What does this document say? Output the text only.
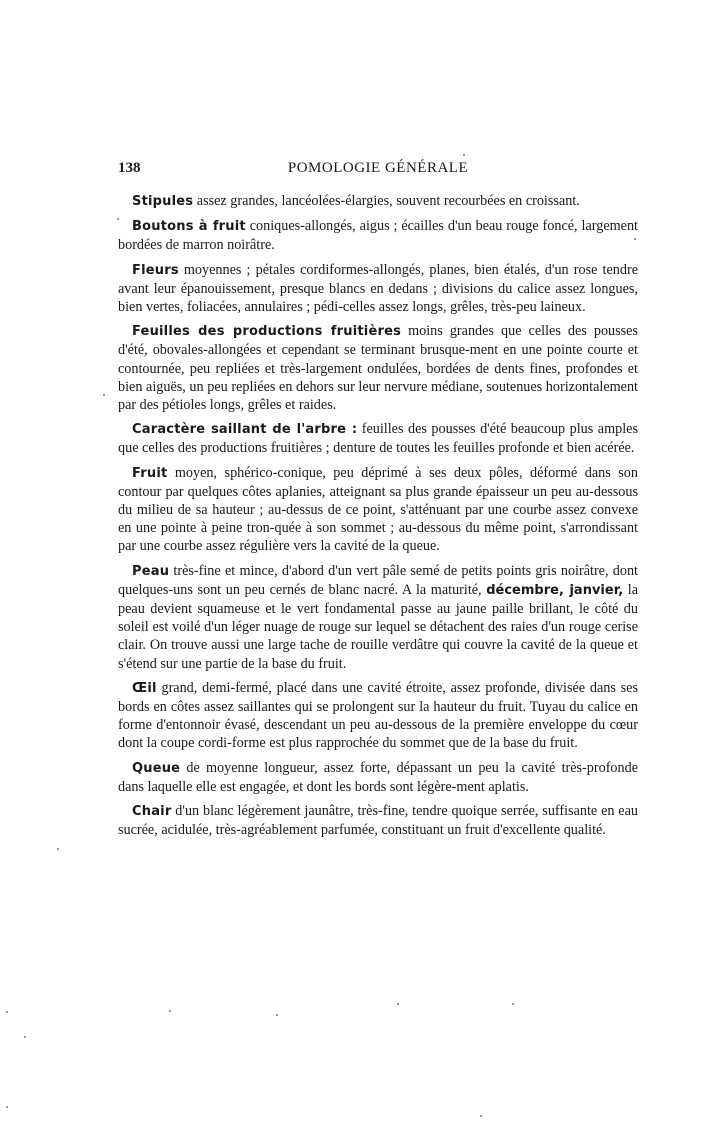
138	POMOLOGIE GÉNÉRALE

Stipules assez grandes, lancéolées-élargies, souvent recourbées en croissant.

Boutons à fruit coniques-allongés, aigus ; écailles d'un beau rouge foncé, largement bordées de marron noirâtre.

Fleurs moyennes ; pétales cordiformes-allongés, planes, bien étalés, d'un rose tendre avant leur épanouissement, presque blancs en dedans ; divisions du calice assez longues, bien vertes, foliacées, annulaires ; pédi-celles assez longs, grêles, très-peu laineux.

Feuilles des productions fruitières moins grandes que celles des pousses d'été, obovales-allongées et cependant se terminant brusque-ment en une pointe courte et contournée, peu repliées et très-largement ondulées, bordées de dents fines, profondes et bien aiguës, un peu repliées en dehors sur leur nervure médiane, soutenues horizontalement par des pétioles longs, grêles et raides.

Caractère saillant de l'arbre : feuilles des pousses d'été beaucoup plus amples que celles des productions fruitières ; denture de toutes les feuilles profonde et bien acérée.

Fruit moyen, sphérico-conique, peu déprimé à ses deux pôles, déformé dans son contour par quelques côtes aplanies, atteignant sa plus grande épaisseur un peu au-dessous du milieu de sa hauteur ; au-dessus de ce point, s'atténuant par une courbe assez convexe en une pointe à peine tron-quée à son sommet ; au-dessous du même point, s'arrondissant par une courbe assez régulière vers la cavité de la queue.

Peau très-fine et mince, d'abord d'un vert pâle semé de petits points gris noirâtre, dont quelques-uns sont un peu cernés de blanc nacré. A la maturité, décembre, janvier, la peau devient squameuse et le vert fondamental passe au jaune paille brillant, le côté du soleil est voilé d'un léger nuage de rouge sur lequel se détachent des raies d'un rouge cerise clair. On trouve aussi une large tache de rouille verdâtre qui couvre la cavité de la queue et s'étend sur une partie de la base du fruit.

Œil grand, demi-fermé, placé dans une cavité étroite, assez profonde, divisée dans ses bords en côtes assez saillantes qui se prolongent sur la hauteur du fruit. Tuyau du calice en forme d'entonnoir évasé, descendant un peu au-dessous de la première enveloppe du cœur dont la coupe cordi-forme est plus rapprochée du sommet que de la base du fruit.

Queue de moyenne longueur, assez forte, dépassant un peu la cavité très-profonde dans laquelle elle est engagée, et dont les bords sont légère-ment aplatis.

Chair d'un blanc légèrement jaunâtre, très-fine, tendre quoique serrée, suffisante en eau sucrée, acidulée, très-agréablement parfumée, constituant un fruit d'excellente qualité.
